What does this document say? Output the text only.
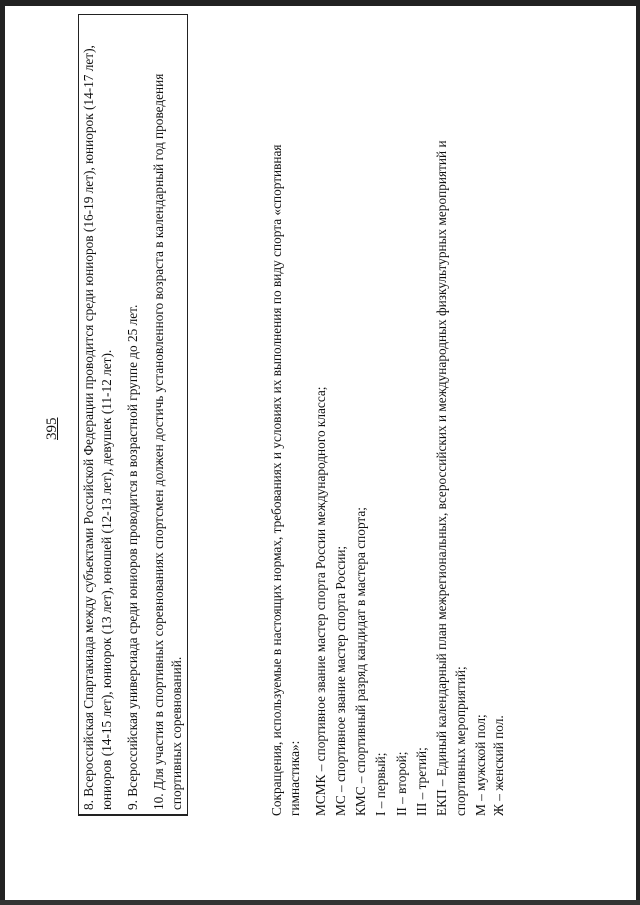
395
	8. Всероссийская Спартакиада между субъектами Российской Федерации проводится среди юниоров (16-19 лет), юниорок (14-17 лет), юниоров (14-15 лет), юниорок (13 лет), юношей (12-13 лет), девушек (11-12 лет). 9. Всероссийская универсиада среди юниоров проводится в возрастной группе до 25 лет. 10. Для участия в спортивных соревнованиях спортсмен должен достичь установленного возраста в календарный год проведения спортивных соревнований.	Сокращения, используемые в настоящих нормах, требованиях и условиях их выполнения по виду спорта «спортивная гимнастика»: МСМК – спортивное звание мастер спорта России международного класса; МС – спортивное звание мастер спорта России; КМС – спортивный разряд кандидат в мастера спорта; I – первый; II – второй; III – третий; ЕКП – Единый календарный план межрегиональных, всероссийских и международных физкультурных мероприятий и спортивных мероприятий; М – мужской пол; Ж – женский пол.
